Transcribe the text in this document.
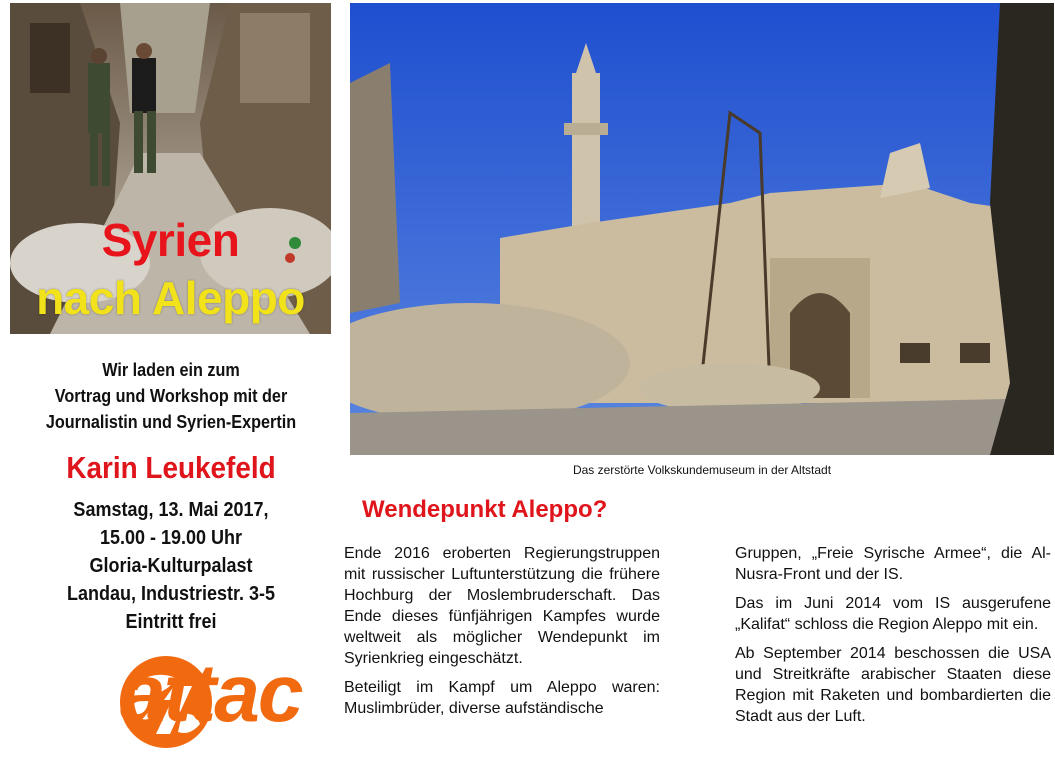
Syrien
nach Aleppo
Das zerstörte Volkskundemuseum in der Altstadt
Wir laden ein zum
Vortrag und Workshop mit der
Journalistin und Syrien-Expertin
Karin Leukefeld
Samstag, 13. Mai 2017,
15.00 - 19.00 Uhr
Gloria-Kulturpalast
Landau, Industriestr. 3-5
Eintritt frei
attac
Wendepunkt Aleppo?

Ende 2016 eroberten Regierungstruppen mit russischer Luftunterstützung die frühere Hochburg der Moslembruderschaft. Das Ende dieses fünfjährigen Kampfes wurde weltweit als möglicher Wendepunkt im Syrienkrieg eingeschätzt.

Beteiligt im Kampf um Aleppo waren: Muslimbrüder, diverse aufständische

Gruppen, „Freie Syrische Armee“, die Al-Nusra-Front und der IS.

Das im Juni 2014 vom IS ausgerufene „Kalifat“ schloss die Region Aleppo mit ein.

Ab September 2014 beschossen die USA und Streitkräfte arabischer Staaten diese Region mit Raketen und bombardierten die Stadt aus der Luft.
